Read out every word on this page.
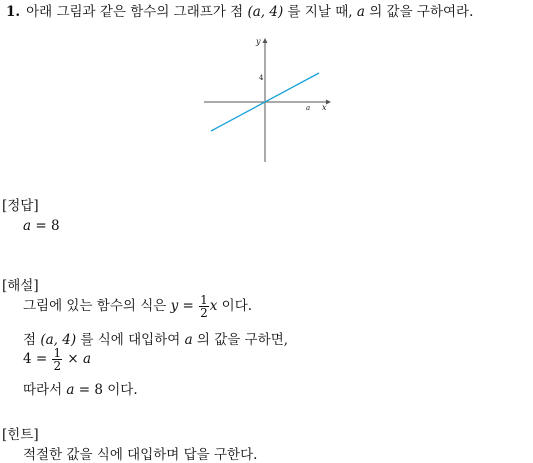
1. 아래 그림과 같은 함수의 그래프가 점 (a, 4) 를 지날 때, a 의 값을 구하여라.
y
x
4
a
[정답]
a = 8
[해설]
그림에 있는 함수의 식은 $y = \frac{1}{2}$ x 이다.
점 (a, 4) 를 식에 대입하여 a 의 값을 구하면,
$4 = \frac{1}{2} \times a$
따라서 a = 8 이다.
[힌트]
적절한 값을 식에 대입하며 답을 구한다.
